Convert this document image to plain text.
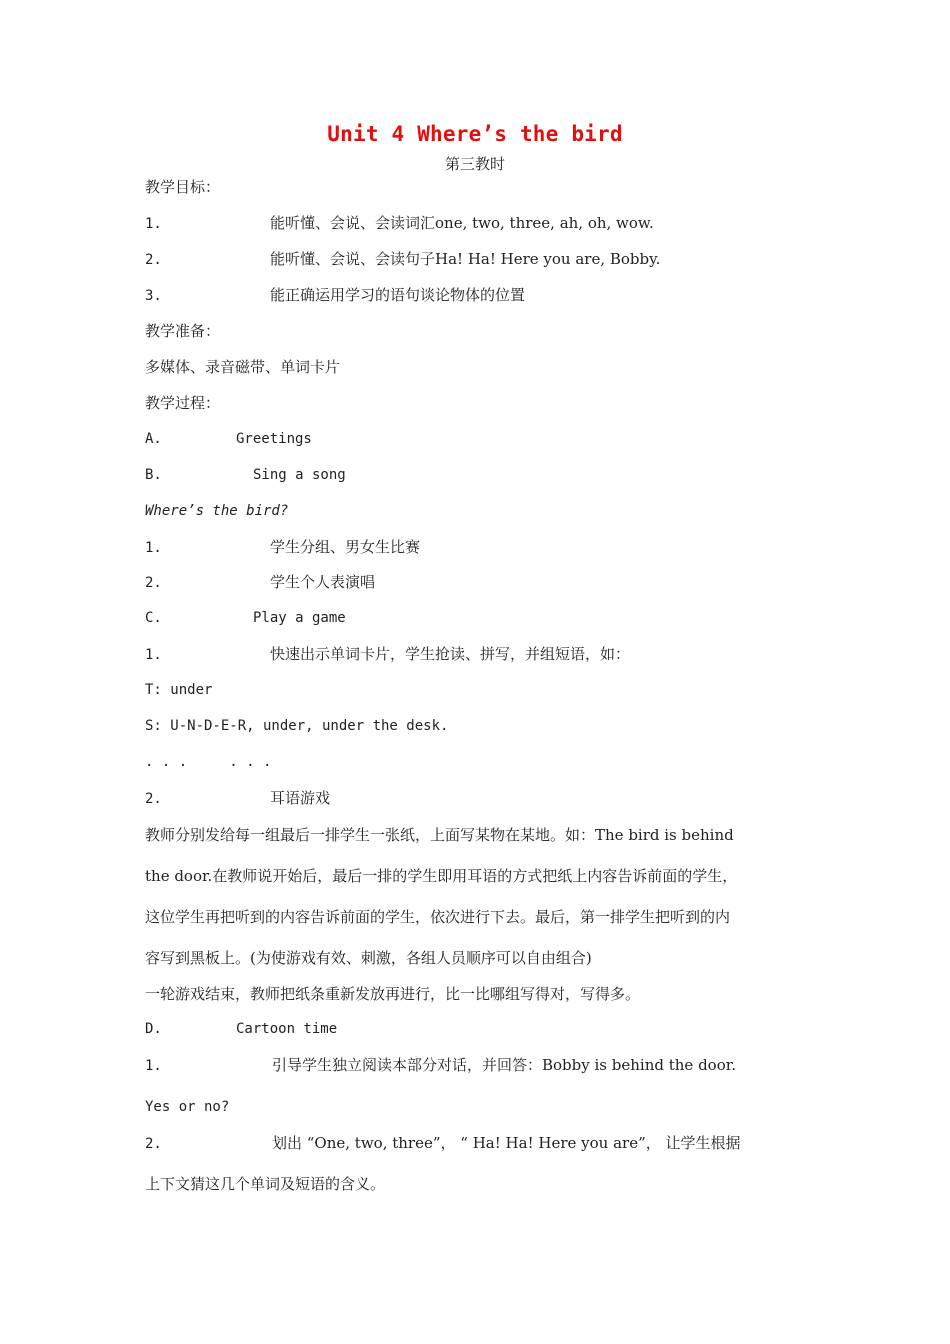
Unit 4 Where’s the bird
第三教时
教学目标：
1.	能听懂、会说、会读词汇one, two, three, ah, oh, wow.
2.	能听懂、会说、会读句子Ha! Ha! Here you are, Bobby.
3.	能正确运用学习的语句谈论物体的位置
教学准备：
多媒体、录音磁带、单词卡片
教学过程：
A.	Greetings
B.	Sing a song
Where’s the bird?
1.	学生分组、男女生比赛
2.	学生个人表演唱
C.	Play a game
1.	快速出示单词卡片，学生抢读、拼写，并组短语，如：
T: under
S: U-N-D-E-R, under, under the desk.
. . .     . . .
2.	耳语游戏
教师分别发给每一组最后一排学生一张纸，上面写某物在某地。如：The bird is behind
the door.在教师说开始后，最后一排的学生即用耳语的方式把纸上内容告诉前面的学生，
这位学生再把听到的内容告诉前面的学生，依次进行下去。最后，第一排学生把听到的内
容写到黑板上。(为使游戏有效、刺激，各组人员顺序可以自由组合)
一轮游戏结束，教师把纸条重新发放再进行，比一比哪组写得对，写得多。
D.	Cartoon time
1.	引导学生独立阅读本部分对话，并回答：Bobby is behind the door.
Yes or no?
2.	划出 “One, two, three”， “ Ha! Ha! Here you are”， 让学生根据
上下文猜这几个单词及短语的含义。
